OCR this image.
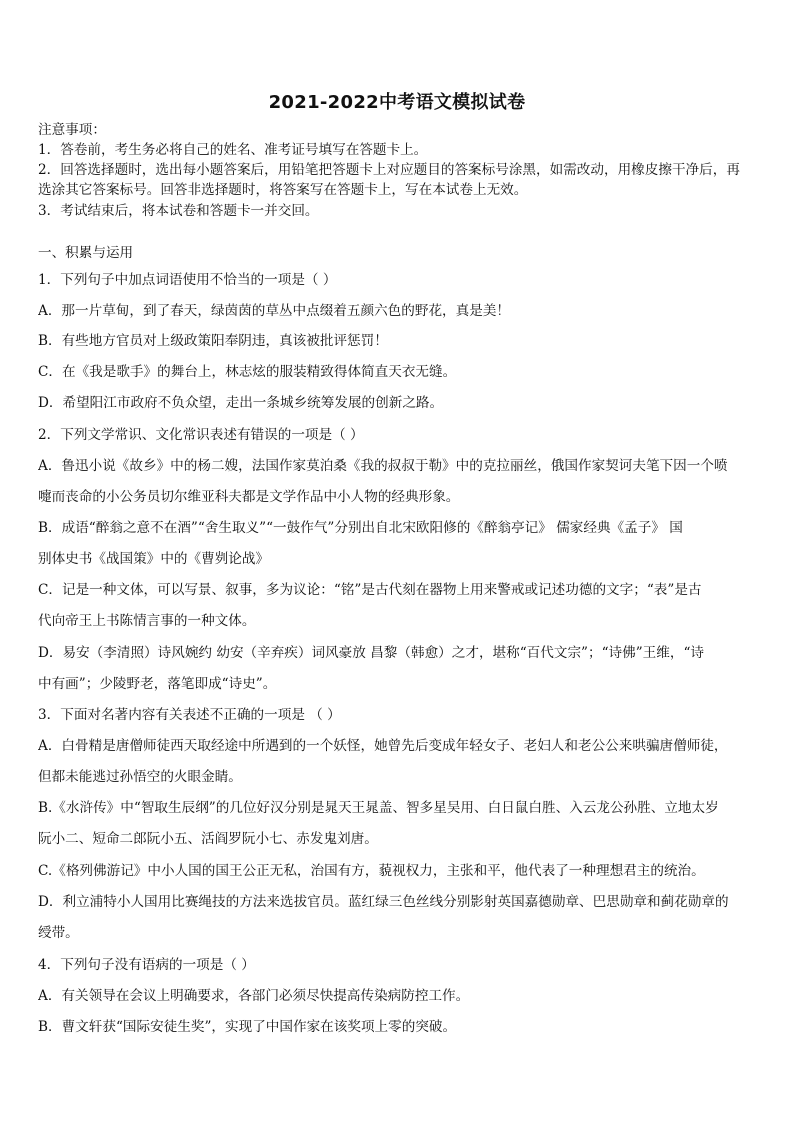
2021-2022中考语文模拟试卷
注意事项：
1．答卷前，考生务必将自己的姓名、准考证号填写在答题卡上。
2．回答选择题时，选出每小题答案后，用铅笔把答题卡上对应题目的答案标号涂黑，如需改动，用橡皮擦干净后，再
选涂其它答案标号。回答非选择题时，将答案写在答题卡上，写在本试卷上无效。
3．考试结束后，将本试卷和答题卡一并交回。
一、积累与运用
1．下列句子中加点词语使用不恰当的一项是（ ）
A．那一片草甸，到了春天，绿茵茵的草丛中点缀着五颜六色的野花，真是美！
B．有些地方官员对上级政策阳奉阴违，真该被批评惩罚！
C．在《我是歌手》的舞台上，林志炫的服装精致得体简直天衣无缝。
D．希望阳江市政府不负众望，走出一条城乡统筹发展的创新之路。
2．下列文学常识、文化常识表述有错误的一项是（ ）
A．鲁迅小说《故乡》中的杨二嫂，法国作家莫泊桑《我的叔叔于勒》中的克拉丽丝，俄国作家契诃夫笔下因一个喷
嚏而丧命的小公务员切尔维亚科夫都是文学作品中小人物的经典形象。
B．成语“醉翁之意不在酒”“舍生取义”“一鼓作气”分别出自北宋欧阳修的《醉翁亭记》 儒家经典《孟子》 国
别体史书《战国策》中的《曹刿论战》
C．记是一种文体，可以写景、叙事，多为议论：“铭”是古代刻在器物上用来警戒或记述功德的文字；“表”是古
代向帝王上书陈情言事的一种文体。
D．易安（李清照）诗风婉约 幼安（辛弃疾）词风豪放 昌黎（韩愈）之才，堪称“百代文宗”；“诗佛”王维，“诗
中有画”；少陵野老，落笔即成“诗史”。
3．下面对名著内容有关表述不正确的一项是 （ ）
A．白骨精是唐僧师徒西天取经途中所遇到的一个妖怪，她曾先后变成年轻女子、老妇人和老公公来哄骗唐僧师徒，
但都未能逃过孙悟空的火眼金睛。
B.《水浒传》中“智取生辰纲”的几位好汉分别是晁天王晁盖、智多星吴用、白日鼠白胜、入云龙公孙胜、立地太岁
阮小二、短命二郎阮小五、活阎罗阮小七、赤发鬼刘唐。
C.《格列佛游记》中小人国的国王公正无私，治国有方，藐视权力，主张和平，他代表了一种理想君主的统治。
D．利立浦特小人国用比赛绳技的方法来选拔官员。蓝红绿三色丝线分别影射英国嘉德勋章、巴思勋章和蓟花勋章的
绶带。
4．下列句子没有语病的一项是（ ）
A．有关领导在会议上明确要求，各部门必须尽快提高传染病防控工作。
B．曹文轩获“国际安徒生奖”，实现了中国作家在该奖项上零的突破。
